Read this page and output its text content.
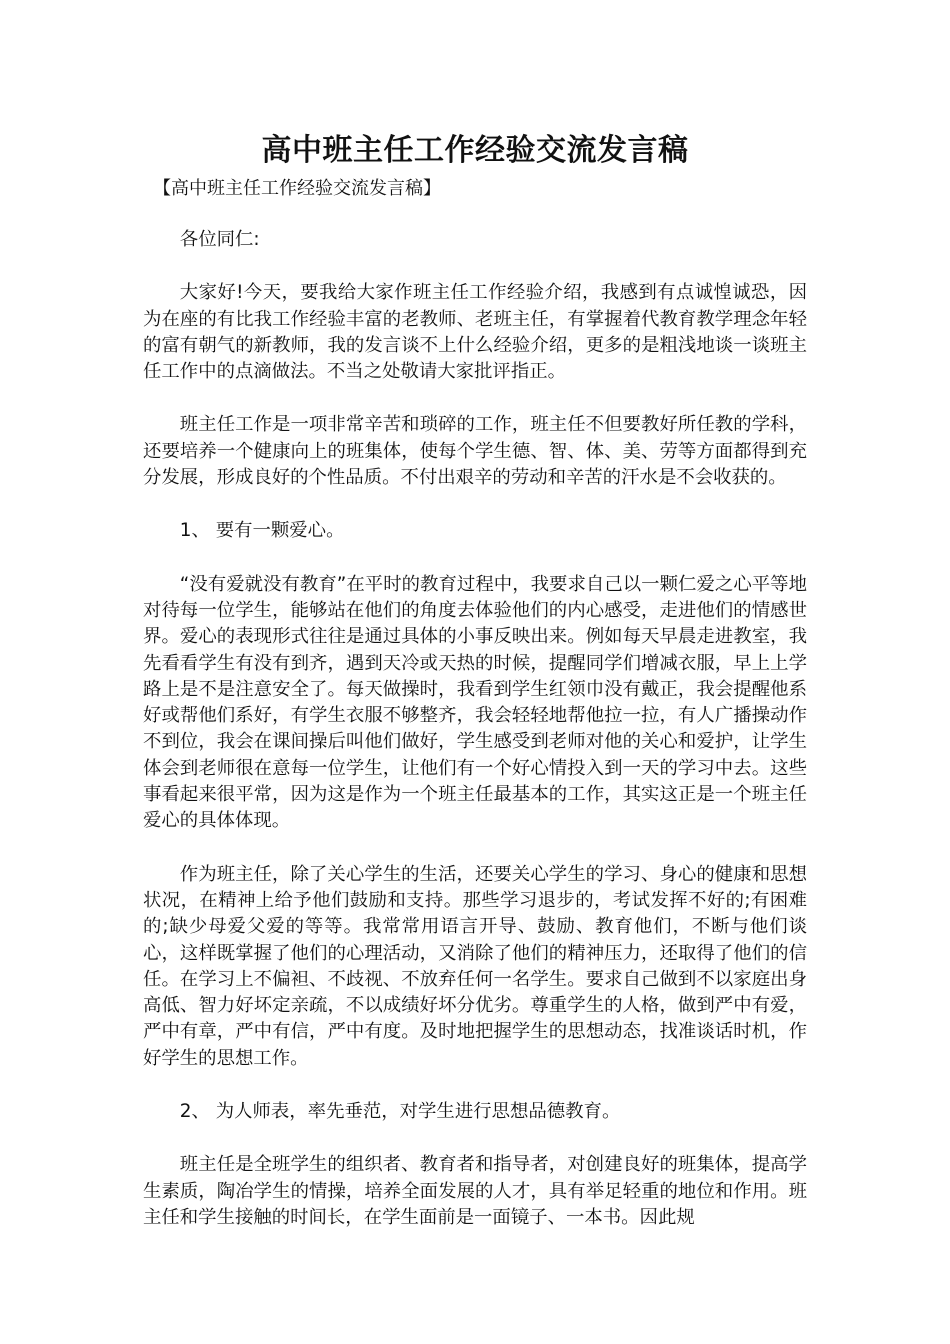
高中班主任工作经验交流发言稿

【高中班主任工作经验交流发言稿】

各位同仁:

大家好!今天，要我给大家作班主任工作经验介绍，我感到有点诚惶诚恐，因为在座的有比我工作经验丰富的老教师、老班主任，有掌握着代教育教学理念年轻的富有朝气的新教师，我的发言谈不上什么经验介绍，更多的是粗浅地谈一谈班主任工作中的点滴做法。不当之处敬请大家批评指正。

班主任工作是一项非常辛苦和琐碎的工作，班主任不但要教好所任教的学科，还要培养一个健康向上的班集体，使每个学生德、智、体、美、劳等方面都得到充分发展，形成良好的个性品质。不付出艰辛的劳动和辛苦的汗水是不会收获的。

1、 要有一颗爱心。

“没有爱就没有教育”在平时的教育过程中，我要求自己以一颗仁爱之心平等地对待每一位学生，能够站在他们的角度去体验他们的内心感受，走进他们的情感世界。爱心的表现形式往往是通过具体的小事反映出来。例如每天早晨走进教室，我先看看学生有没有到齐，遇到天冷或天热的时候，提醒同学们增减衣服，早上上学路上是不是注意安全了。每天做操时，我看到学生红领巾没有戴正，我会提醒他系好或帮他们系好，有学生衣服不够整齐，我会轻轻地帮他拉一拉，有人广播操动作不到位，我会在课间操后叫他们做好，学生感受到老师对他的关心和爱护，让学生体会到老师很在意每一位学生，让他们有一个好心情投入到一天的学习中去。这些事看起来很平常，因为这是作为一个班主任最基本的工作，其实这正是一个班主任爱心的具体体现。

作为班主任，除了关心学生的生活，还要关心学生的学习、身心的健康和思想状况，在精神上给予他们鼓励和支持。那些学习退步的，考试发挥不好的;有困难的;缺少母爱父爱的等等。我常常用语言开导、鼓励、教育他们，不断与他们谈心，这样既掌握了他们的心理活动，又消除了他们的精神压力，还取得了他们的信任。在学习上不偏袒、不歧视、不放弃任何一名学生。要求自己做到不以家庭出身高低、智力好坏定亲疏，不以成绩好坏分优劣。尊重学生的人格，做到严中有爱，严中有章，严中有信，严中有度。及时地把握学生的思想动态，找准谈话时机，作好学生的思想工作。

2、 为人师表，率先垂范，对学生进行思想品德教育。

班主任是全班学生的组织者、教育者和指导者，对创建良好的班集体，提高学生素质，陶冶学生的情操，培养全面发展的人才，具有举足轻重的地位和作用。班主任和学生接触的时间长，在学生面前是一面镜子、一本书。因此规
